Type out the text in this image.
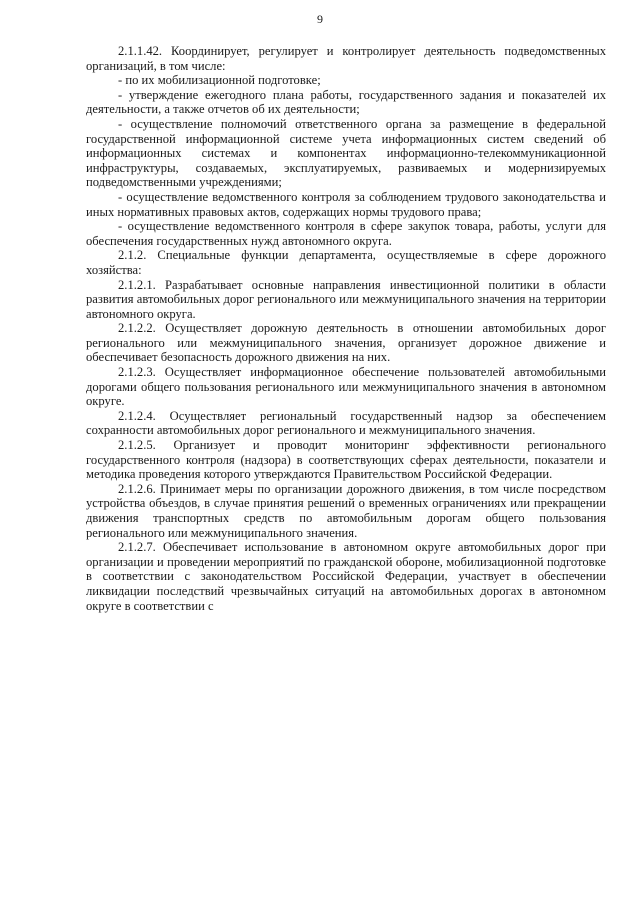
9

2.1.1.42. Координирует, регулирует и контролирует деятельность подведомственных организаций, в том числе:

- по их мобилизационной подготовке;

- утверждение ежегодного плана работы, государственного задания и показателей их деятельности, а также отчетов об их деятельности;

- осуществление полномочий ответственного органа за размещение в федеральной государственной информационной системе учета информационных систем сведений об информационных системах и компонентах информационно-телекоммуникационной инфраструктуры, создаваемых, эксплуатируемых, развиваемых и модернизируемых подведомственными учреждениями;

- осуществление ведомственного контроля за соблюдением трудового законодательства и иных нормативных правовых актов, содержащих нормы трудового права;

- осуществление ведомственного контроля в сфере закупок товара, работы, услуги для обеспечения государственных нужд автономного округа.

2.1.2. Специальные функции департамента, осуществляемые в сфере дорожного хозяйства:

2.1.2.1. Разрабатывает основные направления инвестиционной политики в области развития автомобильных дорог регионального или межмуниципального значения на территории автономного округа.

2.1.2.2. Осуществляет дорожную деятельность в отношении автомобильных дорог регионального или межмуниципального значения, организует дорожное движение и обеспечивает безопасность дорожного движения на них.

2.1.2.3. Осуществляет информационное обеспечение пользователей автомобильными дорогами общего пользования регионального или межмуниципального значения в автономном округе.

2.1.2.4. Осуществляет региональный государственный надзор за обеспечением сохранности автомобильных дорог регионального и межмуниципального значения.

2.1.2.5. Организует и проводит мониторинг эффективности регионального государственного контроля (надзора) в соответствующих сферах деятельности, показатели и методика проведения которого утверждаются Правительством Российской Федерации.

2.1.2.6. Принимает меры по организации дорожного движения, в том числе посредством устройства объездов, в случае принятия решений о временных ограничениях или прекращении движения транспортных средств по автомобильным дорогам общего пользования регионального или межмуниципального значения.

2.1.2.7. Обеспечивает использование в автономном округе автомобильных дорог при организации и проведении мероприятий по гражданской обороне, мобилизационной подготовке в соответствии с законодательством Российской Федерации, участвует в обеспечении ликвидации последствий чрезвычайных ситуаций на автомобильных дорогах в автономном округе в соответствии с
